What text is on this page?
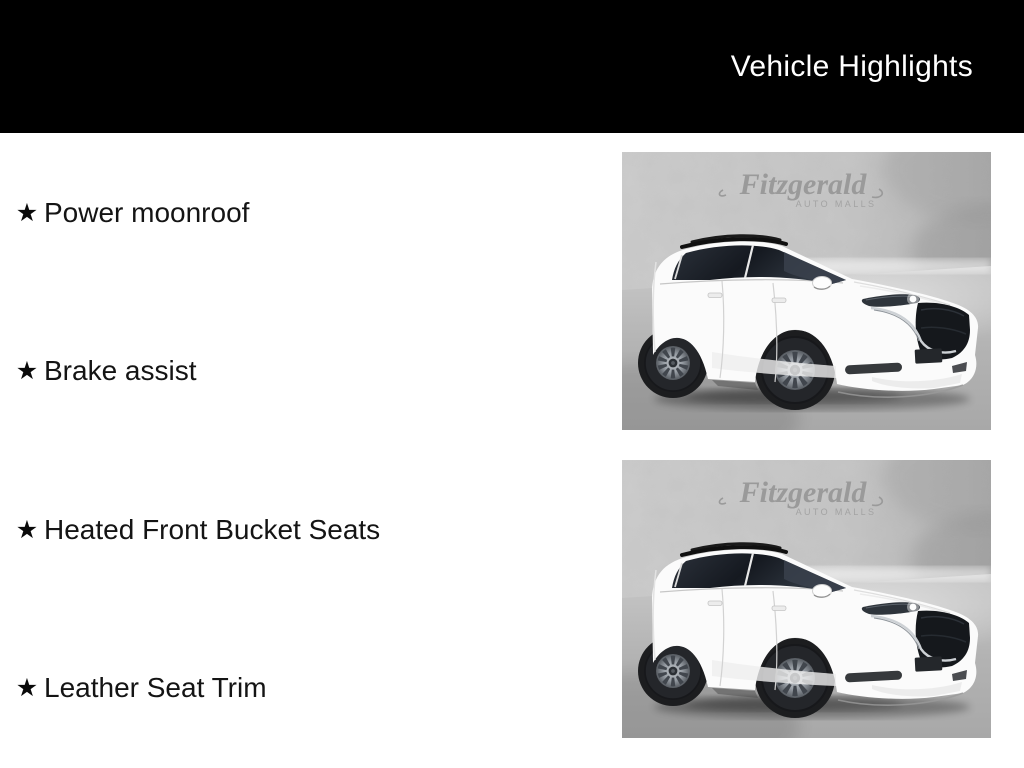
Vehicle Highlights
★ Power moonroof
★ Brake assist
★ Heated Front Bucket Seats
★ Leather Seat Trim
